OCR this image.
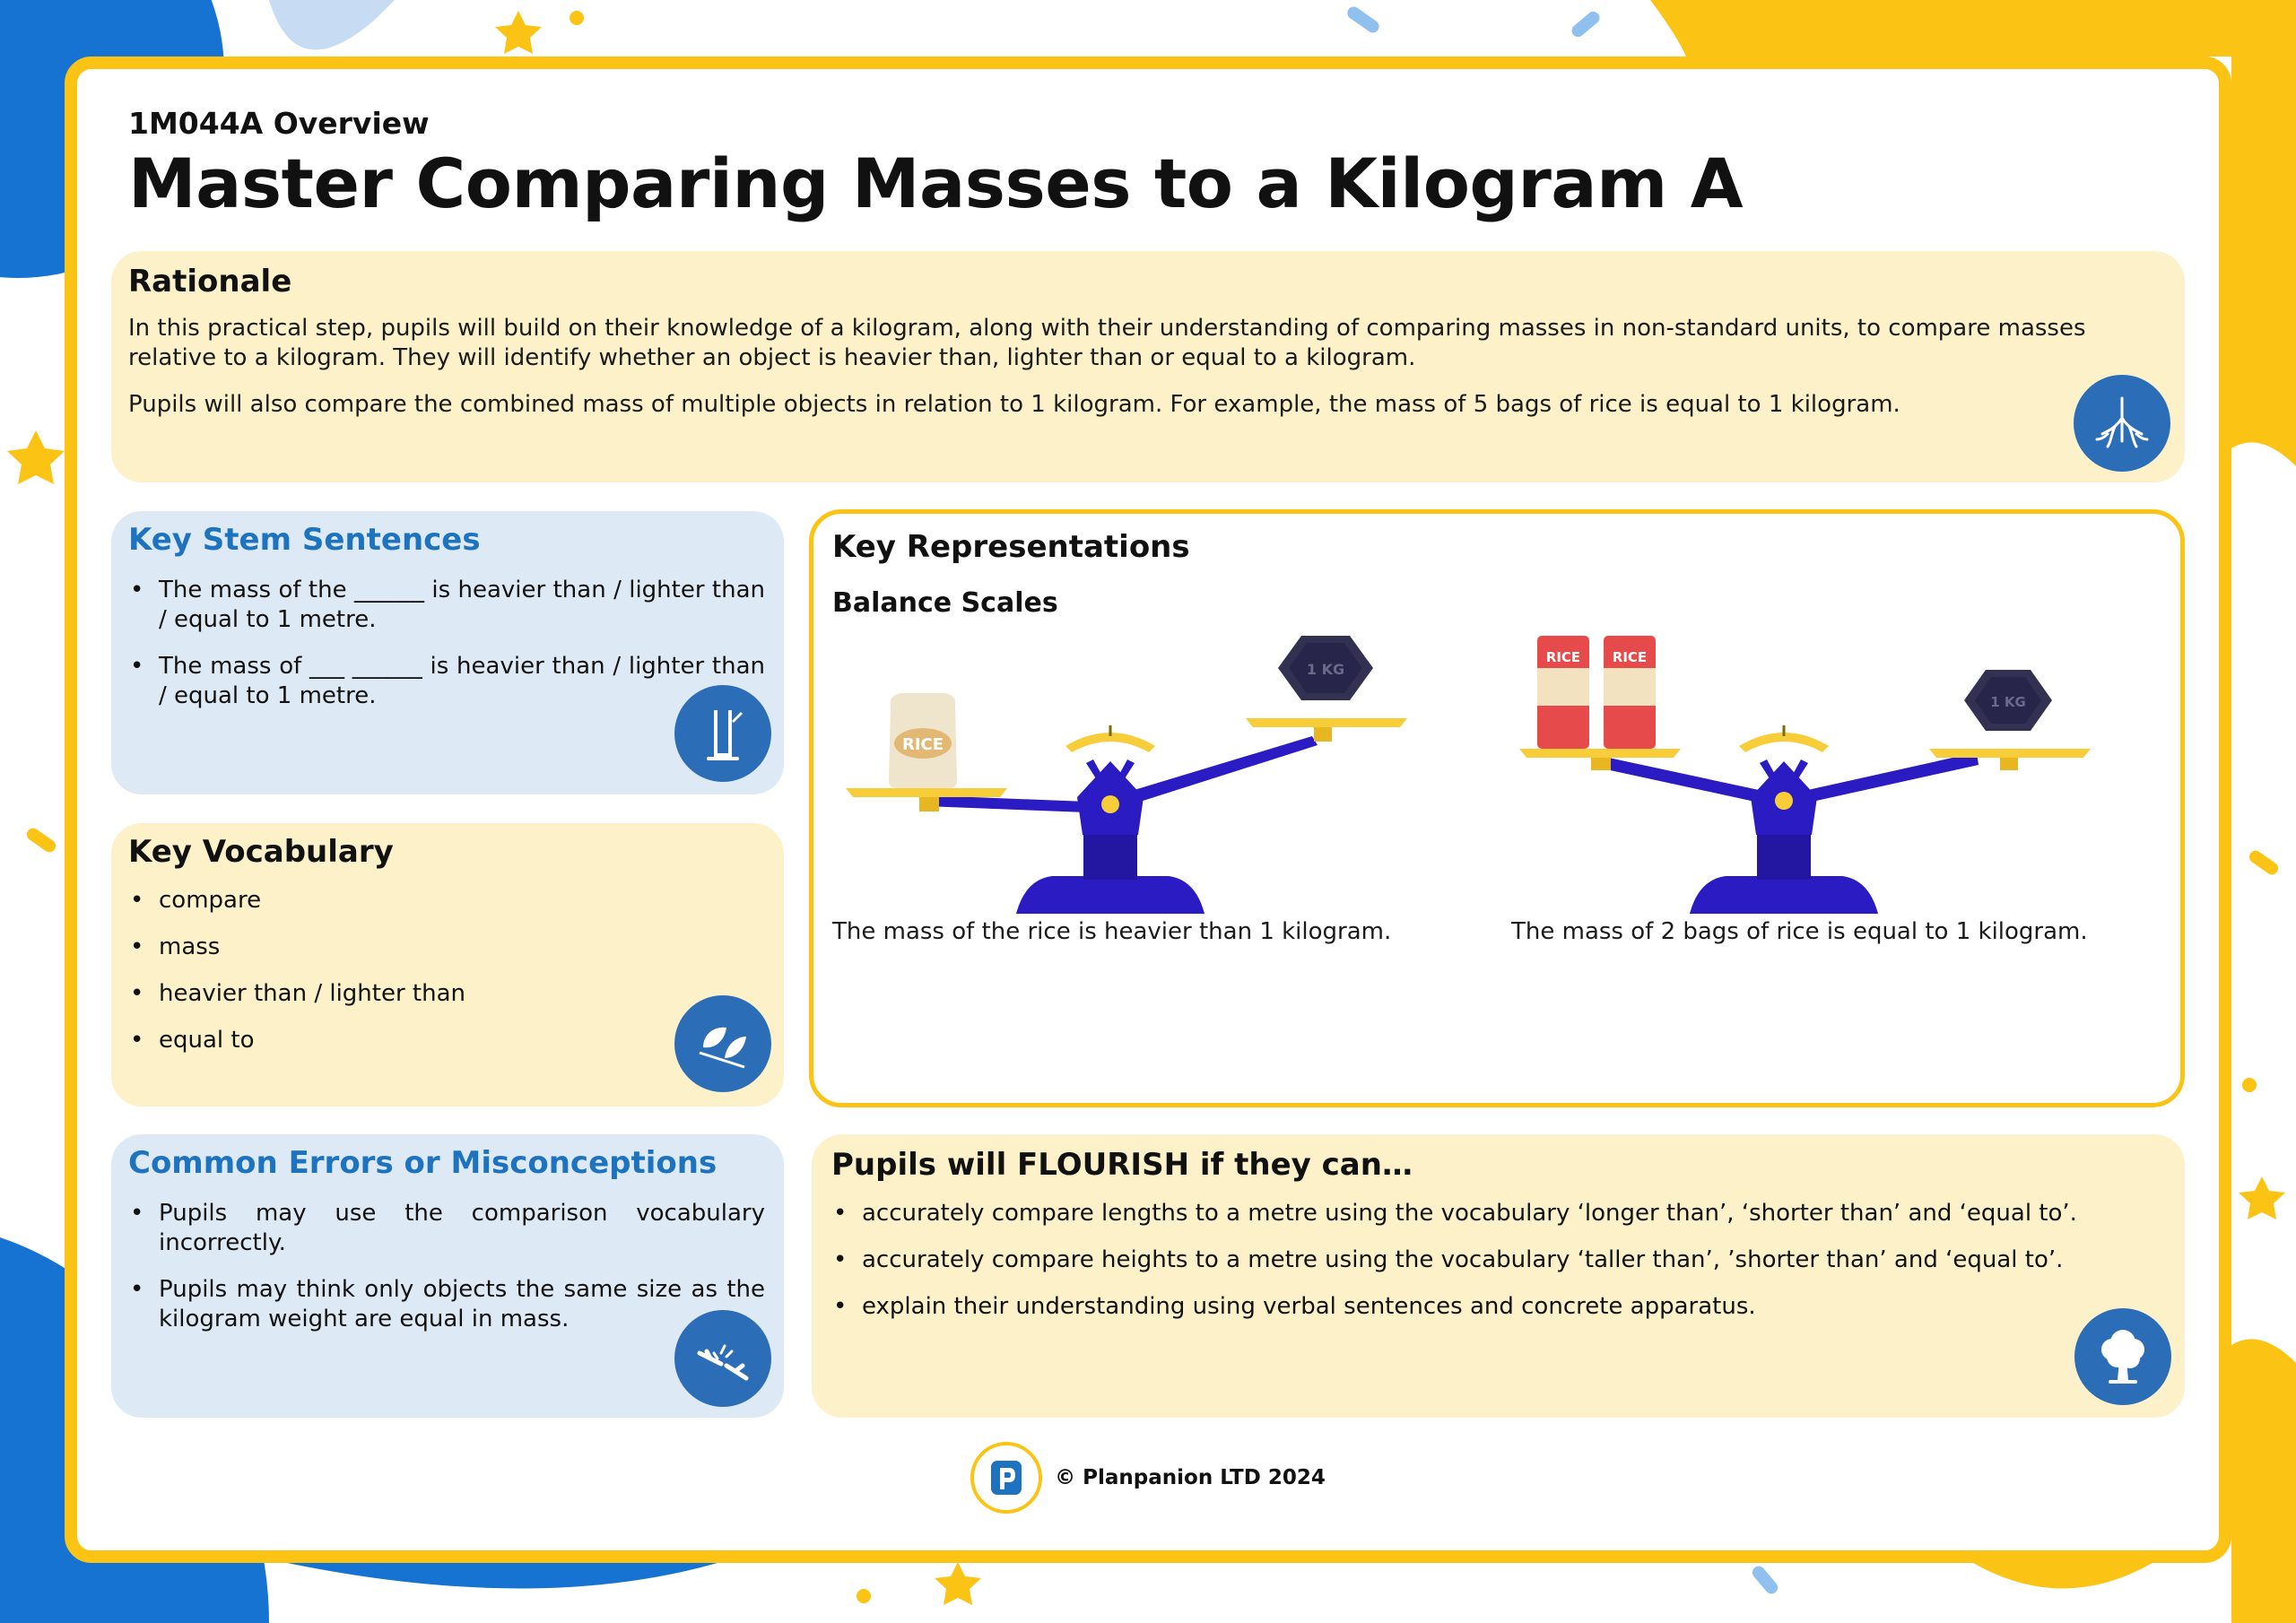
1M044A Overview
Master Comparing Masses to a Kilogram A
Rationale

In this practical step, pupils will build on their knowledge of a kilogram, along with their understanding of comparing masses in non-standard units, to compare masses relative to a kilogram. They will identify whether an object is heavier than, lighter than or equal to a kilogram.

Pupils will also compare the combined mass of multiple objects in relation to 1 kilogram. For example, the mass of 5 bags of rice is equal to 1 kilogram.

Key Stem Sentences
• The mass of the ______ is heavier than / lighter than / equal to 1 metre.
• The mass of ___ ______ is heavier than / lighter than / equal to 1 metre.
Key Vocabulary
• compare
• mass
• heavier than / lighter than
• equal to
Common Errors or Misconceptions
• Pupils may use the comparison vocabulary incorrectly.
• Pupils may think only objects the same size as the kilogram weight are equal in mass.
Key Representations
Balance Scales
1 KG
RICE
1 KG
RICE RICE
The mass of the rice is heavier than 1 kilogram.	The mass of 2 bags of rice is equal to 1 kilogram.
Pupils will FLOURISH if they can…
• accurately compare lengths to a metre using the vocabulary ‘longer than’, ‘shorter than’ and ‘equal to’.
• accurately compare heights to a metre using the vocabulary ‘taller than’, ’shorter than’ and ‘equal to’.
• explain their understanding using verbal sentences and concrete apparatus.
© Planpanion LTD 2024
